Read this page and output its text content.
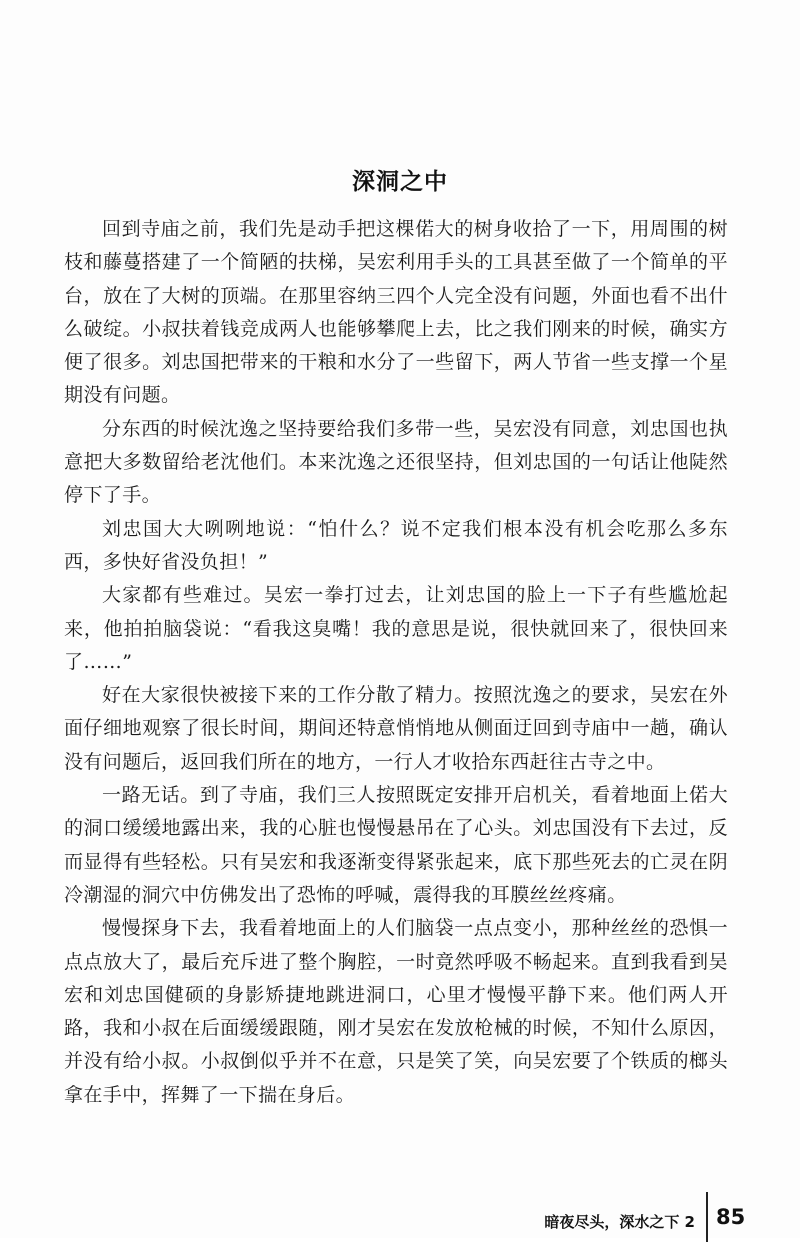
深洞之中

回到寺庙之前，我们先是动手把这棵偌大的树身收拾了一下，用周围的树枝和藤蔓搭建了一个简陋的扶梯，吴宏利用手头的工具甚至做了一个简单的平台，放在了大树的顶端。在那里容纳三四个人完全没有问题，外面也看不出什么破绽。小叔扶着钱竞成两人也能够攀爬上去，比之我们刚来的时候，确实方便了很多。刘忠国把带来的干粮和水分了一些留下，两人节省一些支撑一个星期没有问题。

分东西的时候沈逸之坚持要给我们多带一些，吴宏没有同意，刘忠国也执意把大多数留给老沈他们。本来沈逸之还很坚持，但刘忠国的一句话让他陡然停下了手。

刘忠国大大咧咧地说：“怕什么？说不定我们根本没有机会吃那么多东西，多快好省没负担！”

大家都有些难过。吴宏一拳打过去，让刘忠国的脸上一下子有些尴尬起来，他拍拍脑袋说：“看我这臭嘴！我的意思是说，很快就回来了，很快回来了……”

好在大家很快被接下来的工作分散了精力。按照沈逸之的要求，吴宏在外面仔细地观察了很长时间，期间还特意悄悄地从侧面迂回到寺庙中一趟，确认没有问题后，返回我们所在的地方，一行人才收拾东西赶往古寺之中。

一路无话。到了寺庙，我们三人按照既定安排开启机关，看着地面上偌大的洞口缓缓地露出来，我的心脏也慢慢悬吊在了心头。刘忠国没有下去过，反而显得有些轻松。只有吴宏和我逐渐变得紧张起来，底下那些死去的亡灵在阴冷潮湿的洞穴中仿佛发出了恐怖的呼喊，震得我的耳膜丝丝疼痛。

慢慢探身下去，我看着地面上的人们脑袋一点点变小，那种丝丝的恐惧一点点放大了，最后充斥进了整个胸腔，一时竟然呼吸不畅起来。直到我看到吴宏和刘忠国健硕的身影矫捷地跳进洞口，心里才慢慢平静下来。他们两人开路，我和小叔在后面缓缓跟随，刚才吴宏在发放枪械的时候，不知什么原因，并没有给小叔。小叔倒似乎并不在意，只是笑了笑，向吴宏要了个铁质的榔头拿在手中，挥舞了一下揣在身后。

暗夜尽头，深水之下 2 85
